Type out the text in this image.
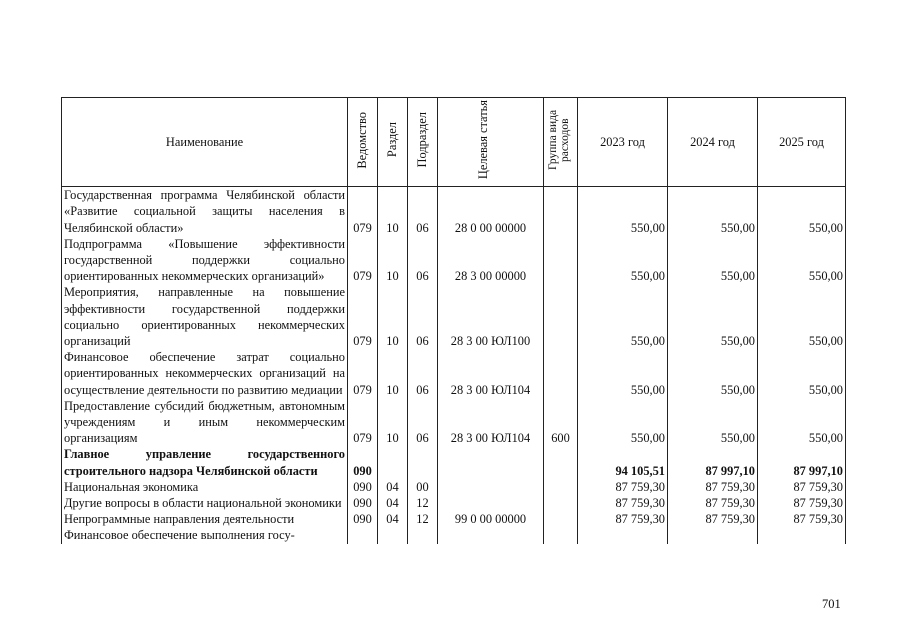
Наименование	Ведомство	Раздел	Подраздел	Целевая статья	Группа вида расходов	2023 год	2024 год	2025 год
Государственная программа Челябинской области «Развитие социальной защиты населения в Челябинской области»	079	10	06	28 0 00 00000		550,00	550,00	550,00
Подпрограмма «Повышение эффективности государственной поддержки социально ориентированных некоммерческих организаций»	079	10	06	28 3 00 00000		550,00	550,00	550,00
Мероприятия, направленные на повышение эффективности государственной поддержки социально ориентированных некоммерческих организаций	079	10	06	28 3 00 ЮЛ100		550,00	550,00	550,00
Финансовое обеспечение затрат социально ориентированных некоммерческих организаций на осуществление деятельности по развитию медиации	079	10	06	28 3 00 ЮЛ104		550,00	550,00	550,00
Предоставление субсидий бюджетным, автономным учреждениям и иным некоммерческим организациям	079	10	06	28 3 00 ЮЛ104	600	550,00	550,00	550,00
Главное управление государственного строительного надзора Челябинской области	090					94 105,51	87 997,10	87 997,10
Национальная экономика	090	04	00			87 759,30	87 759,30	87 759,30
Другие вопросы в области национальной экономики	090	04	12			87 759,30	87 759,30	87 759,30
Непрограммные направления деятельности	090	04	12	99 0 00 00000		87 759,30	87 759,30	87 759,30
Финансовое обеспечение выполнения госу-								
701
